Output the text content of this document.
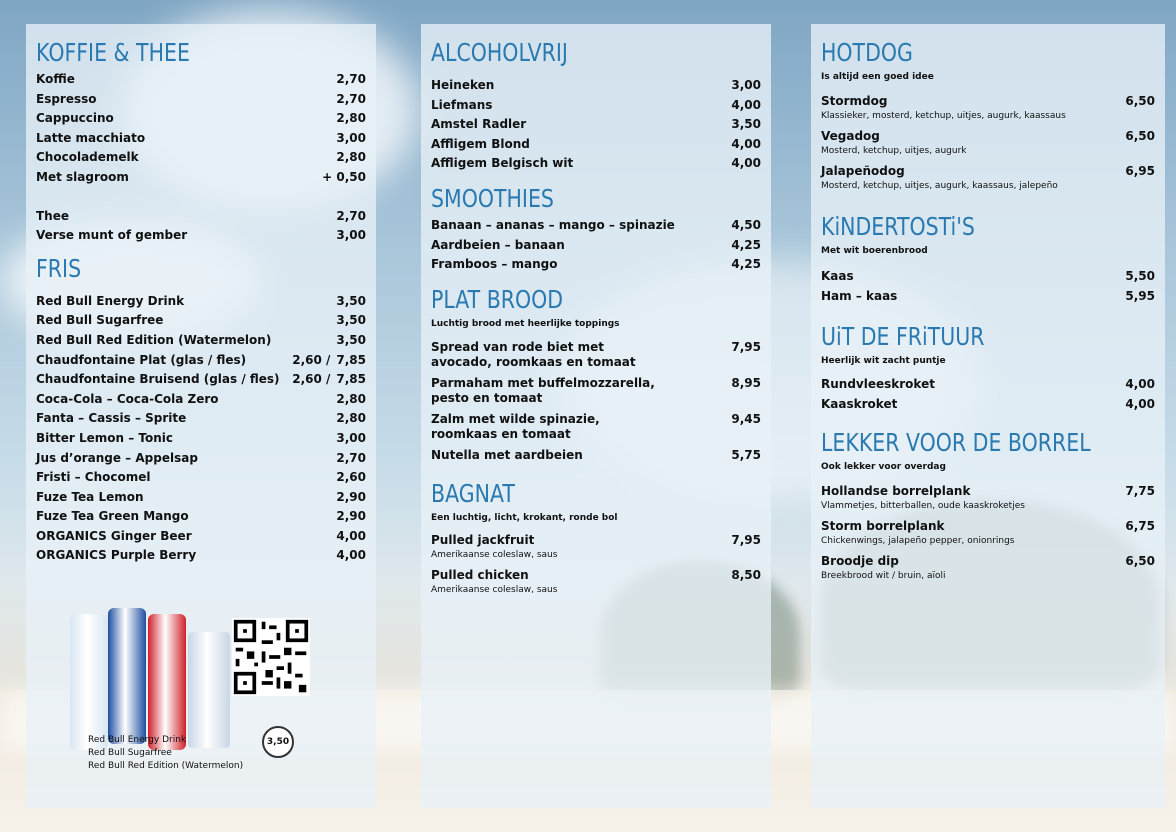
KOFFIE & THEE
Koffie	2,70
Espresso	2,70
Cappuccino	2,80
Latte macchiato	3,00
Chocolademelk	2,80
Met slagroom	+ 0,50
Thee	2,70
Verse munt of gember	3,00
FRIS
Red Bull Energy Drink	3,50
Red Bull Sugarfree	3,50
Red Bull Red Edition (Watermelon)	3,50
Chaudfontaine Plat (glas / fles)	2,60 / 7,85
Chaudfontaine Bruisend (glas / fles) 2,60 / 7,85
Coca-Cola – Coca-Cola Zero	2,80
Fanta – Cassis – Sprite	2,80
Bitter Lemon – Tonic	3,00
Jus d’orange – Appelsap	2,70
Fristi – Chocomel	2,60
Fuze Tea Lemon	2,90
Fuze Tea Green Mango	2,90
ORGANICS Ginger Beer	4,00
ORGANICS Purple Berry	4,00
3,50
Red Bull Energy Drink
Red Bull Sugarfree
Red Bull Red Edition (Watermelon)
ALCOHOLVRIJ
Heineken	3,00
Liefmans	4,00
Amstel Radler	3,50
Affligem Blond	4,00
Affligem Belgisch wit	4,00
SMOOTHIES
Banaan – ananas – mango – spinazie	4,50
Aardbeien – banaan	4,25
Framboos – mango	4,25
PLAT BROOD
Luchtig brood met heerlijke toppings
Spread van rode biet met avocado, roomkaas en tomaat
7,95
Parmaham met buffelmozzarella, pesto en tomaat
8,95
Zalm met wilde spinazie, roomkaas en tomaat
9,45
Nutella met aardbeien	5,75
BAGNAT
Een luchtig, licht, krokant, ronde bol
Pulled jackfruit	7,95
Amerikaanse coleslaw, saus
Pulled chicken	8,50
Amerikaanse coleslaw, saus
HOTDOG
Is altijd een goed idee
Stormdog	6,50
Klassieker, mosterd, ketchup, uitjes, augurk, kaassaus
Vegadog	6,50
Mosterd, ketchup, uitjes, augurk
Jalapeñodog	6,95
Mosterd, ketchup, uitjes, augurk, kaassaus, jalepeño
KiNDERTOSTi'S
Met wit boerenbrood
Kaas	5,50
Ham – kaas	5,95
UiT DE FRiTUUR
Heerlijk wit zacht puntje
Rundvleeskroket	4,00
Kaaskroket	4,00
LEKKER VOOR DE BORREL
Ook lekker voor overdag
Hollandse borrelplank	7,75
Vlammetjes, bitterballen, oude kaaskroketjes
Storm borrelplank	6,75
Chickenwings, jalapeño pepper, onionrings
Broodje dip	6,50
Breekbrood wit / bruin, aïoli
